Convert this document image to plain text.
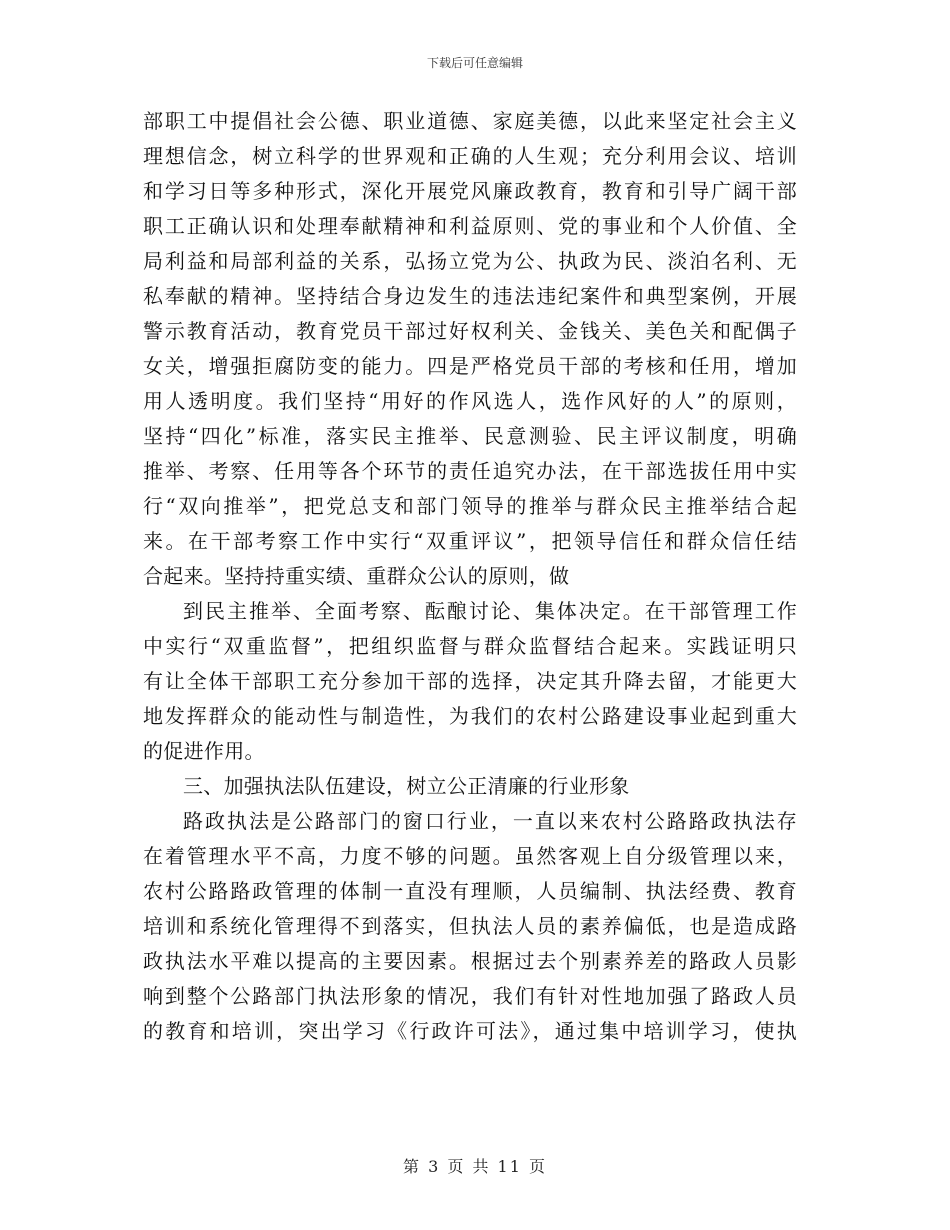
下载后可任意编辑
部职工中提倡社会公德、职业道德、家庭美德，以此来坚定社会主义
理想信念，树立科学的世界观和正确的人生观；充分利用会议、培训
和学习日等多种形式，深化开展党风廉政教育，教育和引导广阔干部
职工正确认识和处理奉献精神和利益原则、党的事业和个人价值、全
局利益和局部利益的关系，弘扬立党为公、执政为民、淡泊名利、无
私奉献的精神。坚持结合身边发生的违法违纪案件和典型案例，开展
警示教育活动，教育党员干部过好权利关、金钱关、美色关和配偶子
女关，增强拒腐防变的能力。四是严格党员干部的考核和任用，增加
用人透明度。我们坚持“用好的作风选人，选作风好的人”的原则，
坚持“四化”标准，落实民主推举、民意测验、民主评议制度，明确
推举、考察、任用等各个环节的责任追究办法，在干部选拔任用中实
行“双向推举”，把党总支和部门领导的推举与群众民主推举结合起
来。在干部考察工作中实行“双重评议”，把领导信任和群众信任结
合起来。坚持持重实绩、重群众公认的原则，做
到民主推举、全面考察、酝酿讨论、集体决定。在干部管理工作
中实行“双重监督”，把组织监督与群众监督结合起来。实践证明只
有让全体干部职工充分参加干部的选择，决定其升降去留，才能更大
地发挥群众的能动性与制造性，为我们的农村公路建设事业起到重大
的促进作用。
三、加强执法队伍建设，树立公正清廉的行业形象
路政执法是公路部门的窗口行业，一直以来农村公路路政执法存
在着管理水平不高，力度不够的问题。虽然客观上自分级管理以来，
农村公路路政管理的体制一直没有理顺，人员编制、执法经费、教育
培训和系统化管理得不到落实，但执法人员的素养偏低，也是造成路
政执法水平难以提高的主要因素。根据过去个别素养差的路政人员影
响到整个公路部门执法形象的情况，我们有针对性地加强了路政人员
的教育和培训，突出学习《行政许可法》，通过集中培训学习，使执
第 3 页 共 11 页
